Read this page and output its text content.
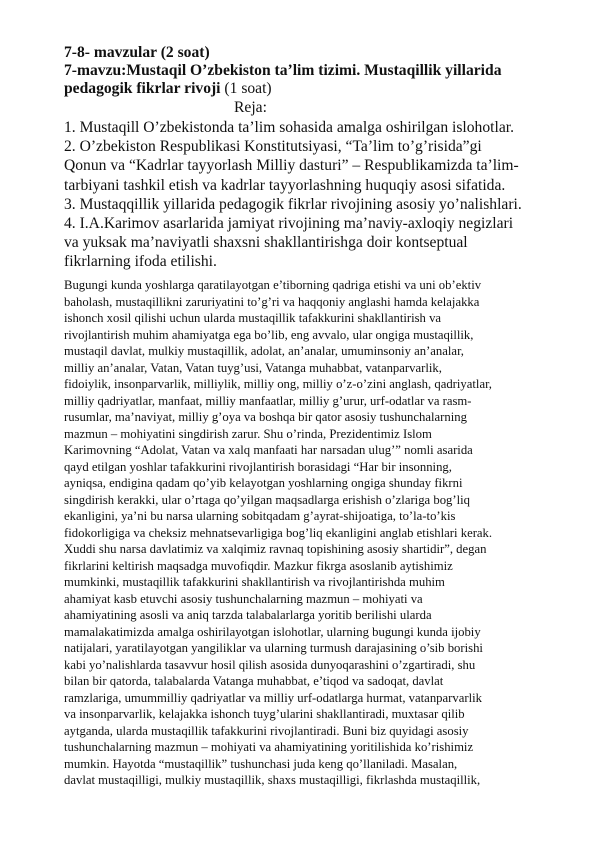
7-8- mavzular (2 soat)
7-mavzu:Mustaqil O’zbekiston ta’lim tizimi. Mustaqillik yillarida
pedagogik fikrlar rivoji (1 soat)
Reja:
1. Mustaqill O’zbekistonda ta’lim sohasida amalga oshirilgan islohotlar.
2. O’zbekiston Respublikasi Konstitutsiyasi, “Ta’lim to’g’risida”gi
Qonun va “Kadrlar tayyorlash Milliy dasturi” – Respublikamizda ta’lim-
tarbiyani tashkil etish va kadrlar tayyorlashning huquqiy asosi sifatida.
3. Mustaqqillik yillarida pedagogik fikrlar rivojining asosiy yo’nalishlari.
4. I.A.Karimov asarlarida jamiyat rivojining ma’naviy-axloqiy negizlari
va yuksak ma’naviyatli shaxsni shakllantirishga doir kontseptual
fikrlarning ifoda etilishi.
Bugungi kunda yoshlarga qaratilayotgan e’tiborning qadriga etishi va uni ob’ektiv
baholash, mustaqillikni zaruriyatini to’g’ri va haqqoniy anglashi hamda kelajakka
ishonch xosil qilishi uchun ularda mustaqillik tafakkurini shakllantirish va
rivojlantirish muhim ahamiyatga ega bo’lib, eng avvalo, ular ongiga mustaqillik,
mustaqil davlat, mulkiy mustaqillik, adolat, an’analar, umuminsoniy an’analar,
milliy an’analar, Vatan, Vatan tuyg’usi, Vatanga muhabbat, vatanparvarlik,
fidoiylik, insonparvarlik, milliylik, milliy ong, milliy o’z-o’zini anglash, qadriyatlar,
milliy qadriyatlar, manfaat, milliy manfaatlar, milliy g’urur, urf-odatlar va rasm-
rusumlar, ma’naviyat, milliy g’oya va boshqa bir qator asosiy tushunchalarning
mazmun – mohiyatini singdirish zarur. Shu o’rinda, Prezidentimiz Islom
Karimovning “Adolat, Vatan va xalq manfaati har narsadan ulug’” nomli asarida
qayd etilgan yoshlar tafakkurini rivojlantirish borasidagi “Har bir insonning,
ayniqsa, endigina qadam qo’yib kelayotgan yoshlarning ongiga shunday fikrni
singdirish kerakki, ular o’rtaga qo’yilgan maqsadlarga erishish o’zlariga bog’liq
ekanligini, ya’ni bu narsa ularning sobitqadam g’ayrat-shijoatiga, to’la-to’kis
fidokorligiga va cheksiz mehnatsevarligiga bog’liq ekanligini anglab etishlari kerak.
Xuddi shu narsa davlatimiz va xalqimiz ravnaq topishining asosiy shartidir”, degan
fikrlarini keltirish maqsadga muvofiqdir. Mazkur fikrga asoslanib aytishimiz
mumkinki, mustaqillik tafakkurini shakllantirish va rivojlantirishda muhim
ahamiyat kasb etuvchi asosiy tushunchalarning mazmun – mohiyati va
ahamiyatining asosli va aniq tarzda talabalarlarga yoritib berilishi ularda
mamalakatimizda amalga oshirilayotgan islohotlar, ularning bugungi kunda ijobiy
natijalari, yaratilayotgan yangiliklar va ularning turmush darajasining o’sib borishi
kabi yo’nalishlarda tasavvur hosil qilish asosida dunyoqarashini o’zgartiradi, shu
bilan bir qatorda, talabalarda Vatanga muhabbat, e’tiqod va sadoqat, davlat
ramzlariga, umummilliy qadriyatlar va milliy urf-odatlarga hurmat, vatanparvarlik
va insonparvarlik, kelajakka ishonch tuyg’ularini shakllantiradi, muxtasar qilib
aytganda, ularda mustaqillik tafakkurini rivojlantiradi. Buni biz quyidagi asosiy
tushunchalarning mazmun – mohiyati va ahamiyatining yoritilishida ko’rishimiz
mumkin. Hayotda “mustaqillik” tushunchasi juda keng qo’llaniladi. Masalan,
davlat mustaqilligi, mulkiy mustaqillik, shaxs mustaqilligi, fikrlashda mustaqillik,
